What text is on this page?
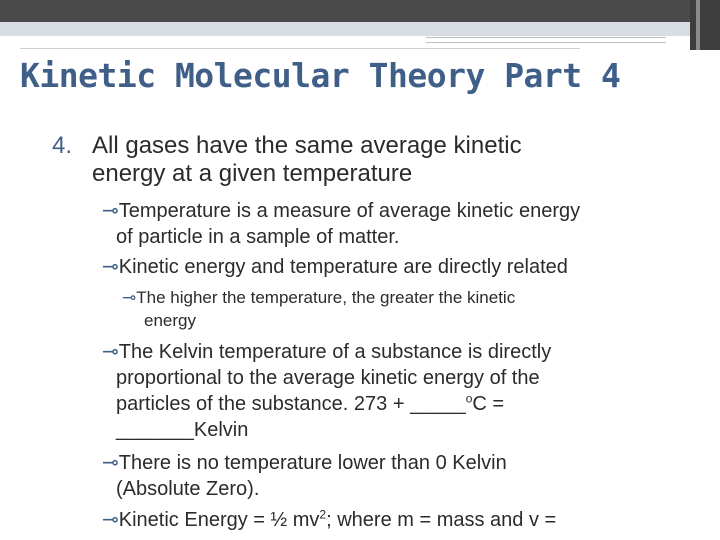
Kinetic Molecular Theory Part 4
4. All gases have the same average kinetic
energy at a given temperature
⊸Temperature is a measure of average kinetic energy
of particle in a sample of matter.
⊸Kinetic energy and temperature are directly related
⊸The higher the temperature, the greater the kinetic
energy
⊸The Kelvin temperature of a substance is directly
proportional to the average kinetic energy of the
particles of the substance. 273 + _____$^o$C =
_______Kelvin
⊸There is no temperature lower than 0 Kelvin
(Absolute Zero).
⊸Kinetic Energy = ½ $mv^2$; where m = mass and v =
